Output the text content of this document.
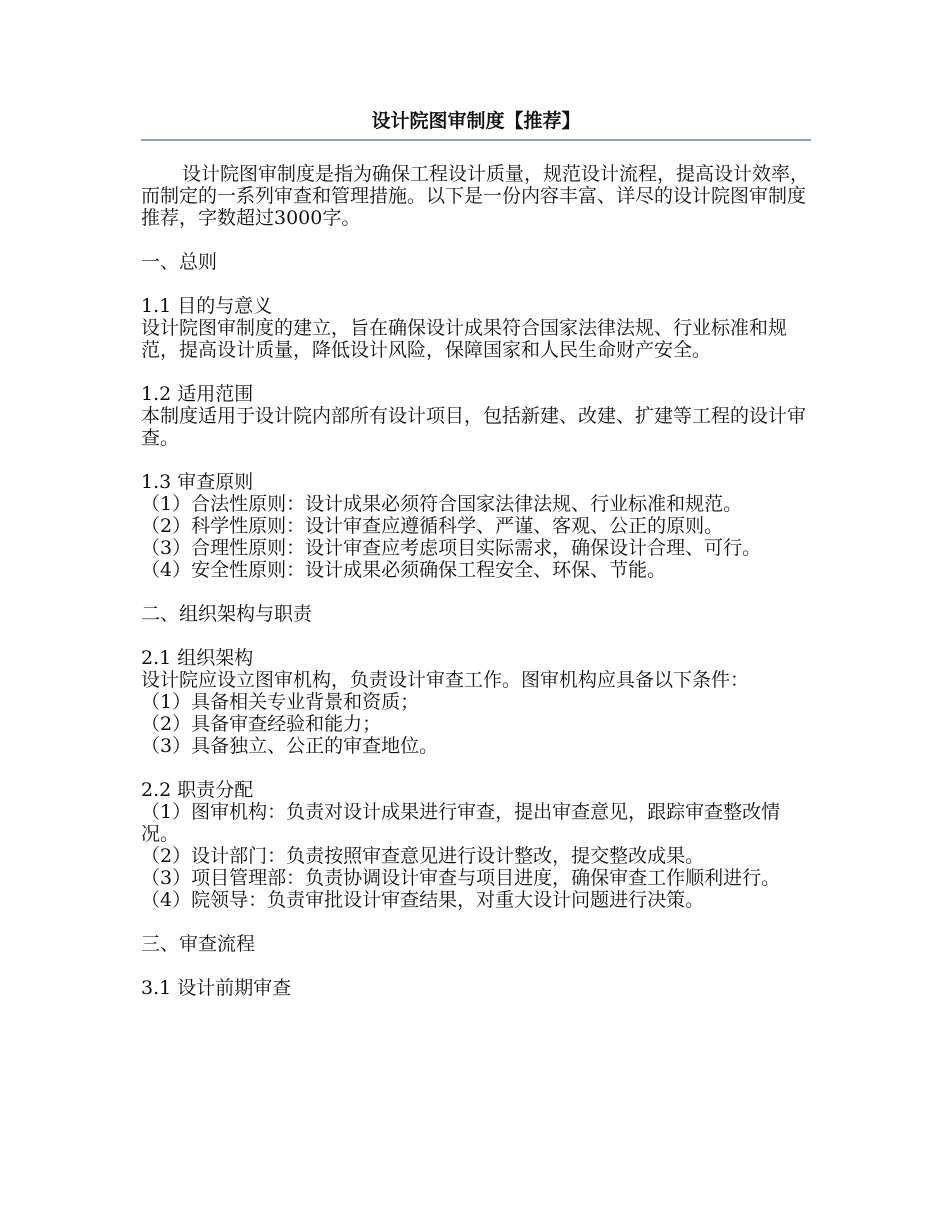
设计院图审制度【推荐】

设计院图审制度是指为确保工程设计质量，规范设计流程，提高设计效率，而制定的一系列审查和管理措施。以下是一份内容丰富、详尽的设计院图审制度推荐，字数超过3000字。

一、总则

1.1 目的与意义

设计院图审制度的建立，旨在确保设计成果符合国家法律法规、行业标准和规范，提高设计质量，降低设计风险，保障国家和人民生命财产安全。

1.2 适用范围

本制度适用于设计院内部所有设计项目，包括新建、改建、扩建等工程的设计审查。

1.3 审查原则

（1）合法性原则：设计成果必须符合国家法律法规、行业标准和规范。

（2）科学性原则：设计审查应遵循科学、严谨、客观、公正的原则。

（3）合理性原则：设计审查应考虑项目实际需求，确保设计合理、可行。

（4）安全性原则：设计成果必须确保工程安全、环保、节能。

二、组织架构与职责

2.1 组织架构

设计院应设立图审机构，负责设计审查工作。图审机构应具备以下条件：

（1）具备相关专业背景和资质；

（2）具备审查经验和能力；

（3）具备独立、公正的审查地位。

2.2 职责分配

（1）图审机构：负责对设计成果进行审查，提出审查意见，跟踪审查整改情况。

（2）设计部门：负责按照审查意见进行设计整改，提交整改成果。

（3）项目管理部：负责协调设计审查与项目进度，确保审查工作顺利进行。

（4）院领导：负责审批设计审查结果，对重大设计问题进行决策。

三、审查流程

3.1 设计前期审查
